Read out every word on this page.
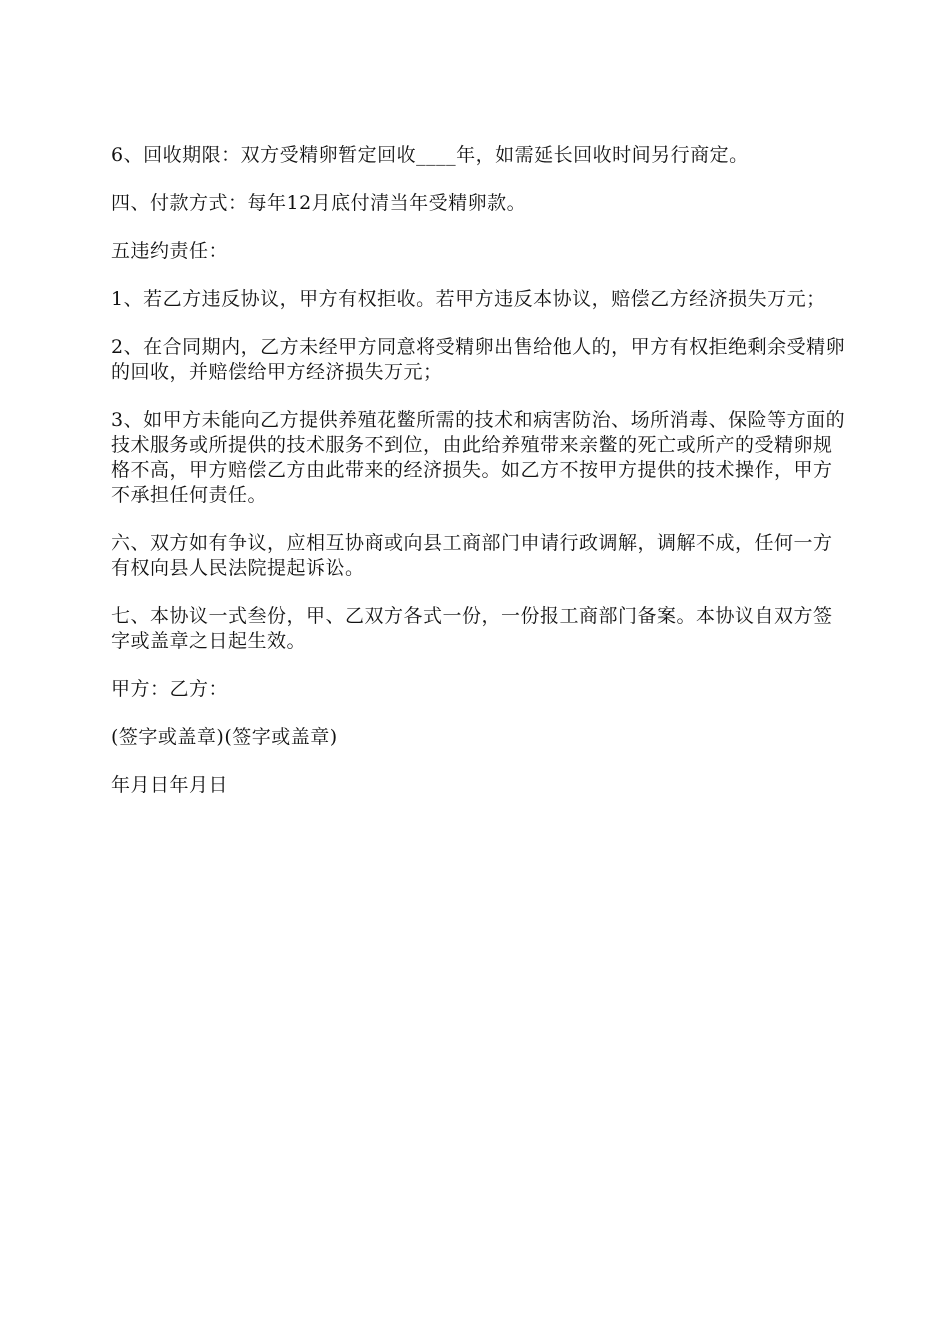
6、回收期限：双方受精卵暂定回收____年，如需延长回收时间另行商定。

四、付款方式：每年12月底付清当年受精卵款。

五违约责任：

1、若乙方违反协议，甲方有权拒收。若甲方违反本协议，赔偿乙方经济损失万元；

2、在合同期内，乙方未经甲方同意将受精卵出售给他人的，甲方有权拒绝剩余受精卵的回收，并赔偿给甲方经济损失万元；

3、如甲方未能向乙方提供养殖花鳖所需的技术和病害防治、场所消毒、保险等方面的技术服务或所提供的技术服务不到位，由此给养殖带来亲鳖的死亡或所产的受精卵规格不高，甲方赔偿乙方由此带来的经济损失。如乙方不按甲方提供的技术操作，甲方不承担任何责任。

六、双方如有争议，应相互协商或向县工商部门申请行政调解，调解不成，任何一方有权向县人民法院提起诉讼。

七、本协议一式叁份，甲、乙双方各式一份，一份报工商部门备案。本协议自双方签字或盖章之日起生效。

甲方：乙方：

(签字或盖章)(签字或盖章)

年月日年月日
